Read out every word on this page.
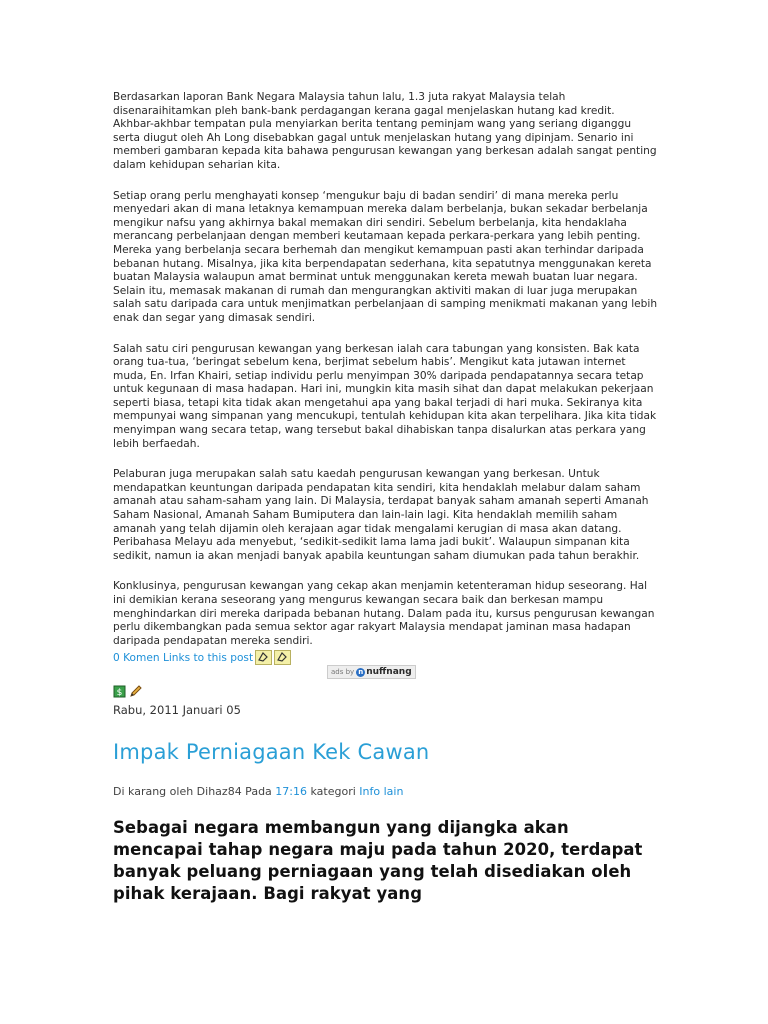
Berdasarkan laporan Bank Negara Malaysia tahun lalu, 1.3 juta rakyat Malaysia telah disenaraihitamkan pleh bank-bank perdagangan kerana gagal menjelaskan hutang kad kredit. Akhbar-akhbar tempatan pula menyiarkan berita tentang peminjam wang yang seriang diganggu serta diugut oleh Ah Long disebabkan gagal untuk menjelaskan hutang yang dipinjam. Senario ini memberi gambaran kepada kita bahawa pengurusan kewangan yang berkesan adalah sangat penting dalam kehidupan seharian kita.

Setiap orang perlu menghayati konsep ‘mengukur baju di badan sendiri’ di mana mereka perlu menyedari akan di mana letaknya kemampuan mereka dalam berbelanja, bukan sekadar berbelanja mengikur nafsu yang akhirnya bakal memakan diri sendiri. Sebelum berbelanja, kita hendaklaha merancang perbelanjaan dengan memberi keutamaan kepada perkara-perkara yang lebih penting. Mereka yang berbelanja secara berhemah dan mengikut kemampuan pasti akan terhindar daripada bebanan hutang. Misalnya, jika kita berpendapatan sederhana, kita sepatutnya menggunakan kereta buatan Malaysia walaupun amat berminat untuk menggunakan kereta mewah buatan luar negara. Selain itu, memasak makanan di rumah dan mengurangkan aktiviti makan di luar juga merupakan salah satu daripada cara untuk menjimatkan perbelanjaan di samping menikmati makanan yang lebih enak dan segar yang dimasak sendiri.

Salah satu ciri pengurusan kewangan yang berkesan ialah cara tabungan yang konsisten. Bak kata orang tua-tua, ‘beringat sebelum kena, berjimat sebelum habis’. Mengikut kata jutawan internet muda, En. Irfan Khairi, setiap individu perlu menyimpan 30% daripada pendapatannya secara tetap untuk kegunaan di masa hadapan. Hari ini, mungkin kita masih sihat dan dapat melakukan pekerjaan seperti biasa, tetapi kita tidak akan mengetahui apa yang bakal terjadi di hari muka. Sekiranya kita mempunyai wang simpanan yang mencukupi, tentulah kehidupan kita akan terpelihara. Jika kita tidak menyimpan wang secara tetap, wang tersebut bakal dihabiskan tanpa disalurkan atas perkara yang lebih berfaedah.

Pelaburan juga merupakan salah satu kaedah pengurusan kewangan yang berkesan. Untuk mendapatkan keuntungan daripada pendapatan kita sendiri, kita hendaklah melabur dalam saham amanah atau saham-saham yang lain. Di Malaysia, terdapat banyak saham amanah seperti Amanah Saham Nasional, Amanah Saham Bumiputera dan lain-lain lagi. Kita hendaklah memilih saham amanah yang telah dijamin oleh kerajaan agar tidak mengalami kerugian di masa akan datang. Peribahasa Melayu ada menyebut, ‘sedikit-sedikit lama lama jadi bukit’. Walaupun simpanan kita sedikit, namun ia akan menjadi banyak apabila keuntungan saham diumukan pada tahun berakhir.

Konklusinya, pengurusan kewangan yang cekap akan menjamin ketenteraman hidup seseorang. Hal ini demikian kerana seseorang yang mengurus kewangan secara baik dan berkesan mampu menghindarkan diri mereka daripada bebanan hutang. Dalam pada itu, kursus pengurusan kewangan perlu dikembangkan pada semua sektor agar rakyart Malaysia mendapat jaminan masa hadapan daripada pendapatan mereka sendiri.

0 Komen
Links to this post
ads by n nuffnang
$
Rabu, 2011 Januari 05
Impak Perniagaan Kek Cawan
Di karang oleh Dihaz84 Pada 17:16 kategori Info lain
Sebagai negara membangun yang dijangka akan mencapai tahap negara maju pada tahun 2020, terdapat banyak peluang perniagaan yang telah disediakan oleh pihak kerajaan. Bagi rakyat yang
